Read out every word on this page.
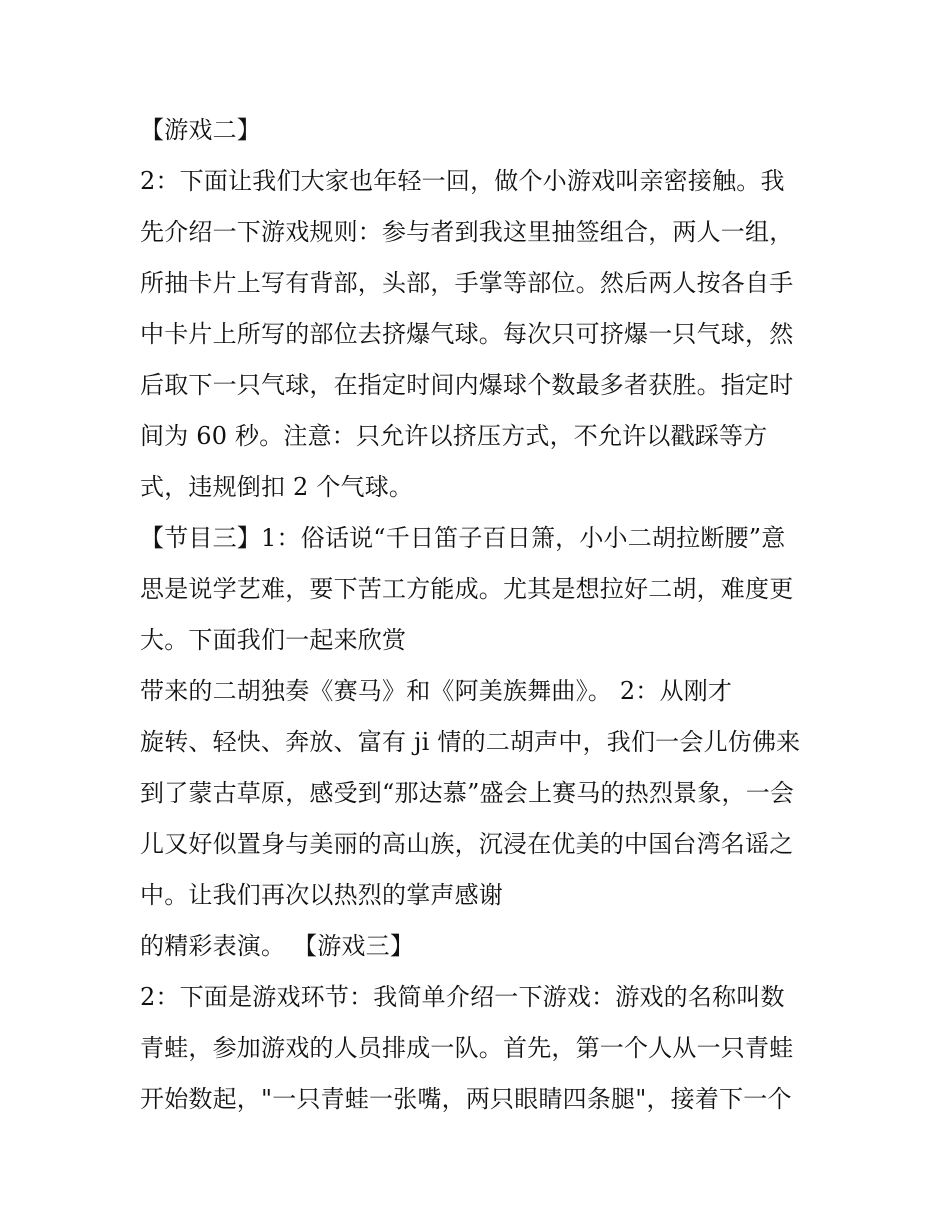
【游戏二】
2：下面让我们大家也年轻一回，做个小游戏叫亲密接触。我
先介绍一下游戏规则：参与者到我这里抽签组合，两人一组，
所抽卡片上写有背部，头部，手掌等部位。然后两人按各自手
中卡片上所写的部位去挤爆气球。每次只可挤爆一只气球，然
后取下一只气球，在指定时间内爆球个数最多者获胜。指定时
间为 60 秒。注意：只允许以挤压方式，不允许以戳踩等方
式，违规倒扣 2 个气球。
【节目三】1：俗话说“千日笛子百日箫，小小二胡拉断腰”意
思是说学艺难，要下苦工方能成。尤其是想拉好二胡，难度更
大。下面我们一起来欣赏
带来的二胡独奏《赛马》和《阿美族舞曲》。 2：从刚才
旋转、轻快、奔放、富有 ji 情的二胡声中，我们一会儿仿佛来
到了蒙古草原，感受到“那达慕”盛会上赛马的热烈景象，一会
儿又好似置身与美丽的高山族，沉浸在优美的中国台湾名谣之
中。让我们再次以热烈的掌声感谢
的精彩表演。 【游戏三】
2：下面是游戏环节：我简单介绍一下游戏：游戏的名称叫数
青蛙，参加游戏的人员排成一队。首先，第一个人从一只青蛙
开始数起，"一只青蛙一张嘴，两只眼睛四条腿"，接着下一个
